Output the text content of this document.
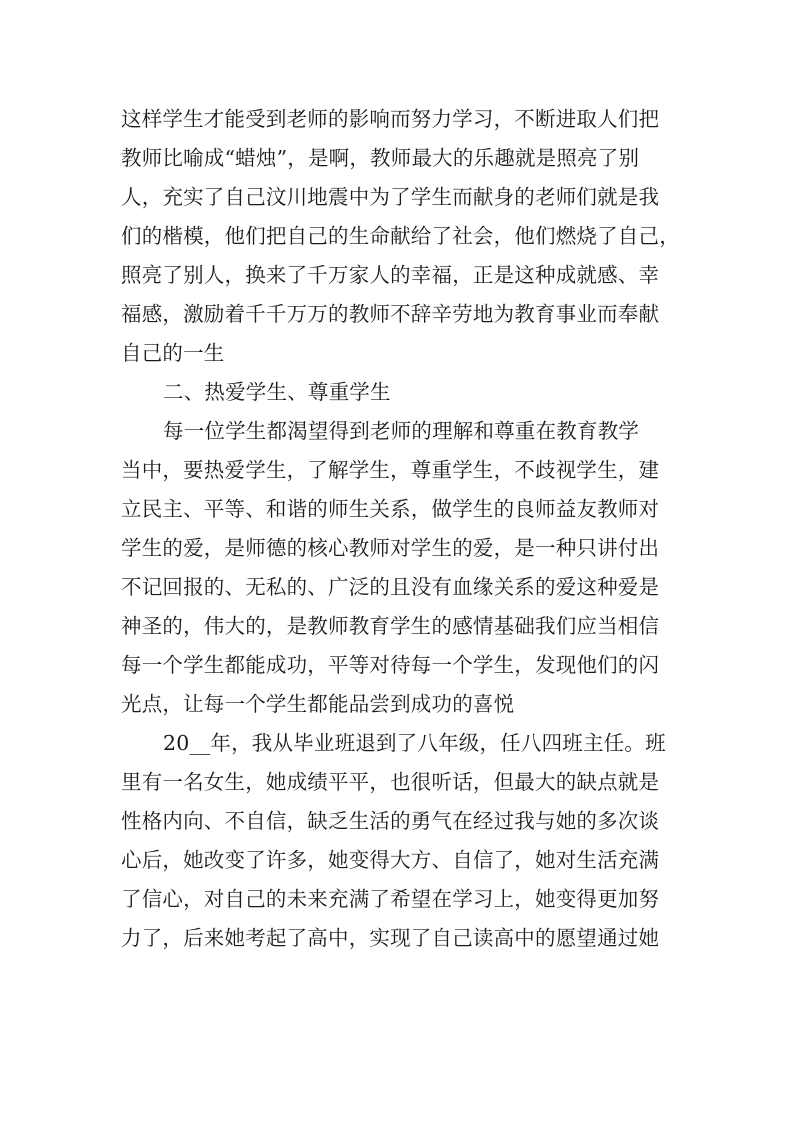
这样学生才能受到老师的影响而努力学习，不断进取人们把
教师比喻成“蜡烛”，是啊，教师最大的乐趣就是照亮了别
人，充实了自己汶川地震中为了学生而献身的老师们就是我
们的楷模，他们把自己的生命献给了社会，他们燃烧了自己，
照亮了别人，换来了千万家人的幸福，正是这种成就感、幸
福感，激励着千千万万的教师不辞辛劳地为教育事业而奉献
自己的一生
二、热爱学生、尊重学生
每一位学生都渴望得到老师的理解和尊重在教育教学
当中，要热爱学生，了解学生，尊重学生，不歧视学生，建
立民主、平等、和谐的师生关系，做学生的良师益友教师对
学生的爱，是师德的核心教师对学生的爱，是一种只讲付出
不记回报的、无私的、广泛的且没有血缘关系的爱这种爱是
神圣的，伟大的，是教师教育学生的感情基础我们应当相信
每一个学生都能成功，平等对待每一个学生，发现他们的闪
光点，让每一个学生都能品尝到成功的喜悦
20__年，我从毕业班退到了八年级，任八四班主任。班
里有一名女生，她成绩平平，也很听话，但最大的缺点就是
性格内向、不自信，缺乏生活的勇气在经过我与她的多次谈
心后，她改变了许多，她变得大方、自信了，她对生活充满
了信心，对自己的未来充满了希望在学习上，她变得更加努
力了，后来她考起了高中，实现了自己读高中的愿望通过她
